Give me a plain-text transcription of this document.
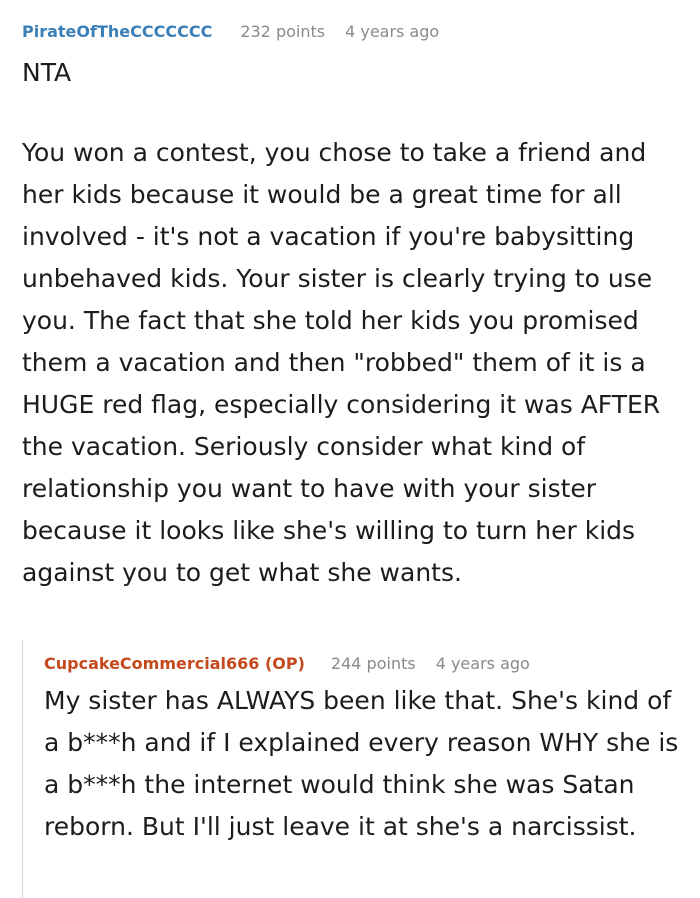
PirateOfTheCCCCCCC 232 points 4 years ago

NTA

You won a contest, you chose to take a friend and her kids because it would be a great time for all involved - it's not a vacation if you're babysitting unbehaved kids. Your sister is clearly trying to use you. The fact that she told her kids you promised them a vacation and then "robbed" them of it is a HUGE red flag, especially considering it was AFTER the vacation. Seriously consider what kind of relationship you want to have with your sister because it looks like she's willing to turn her kids against you to get what she wants.

CupcakeCommercial666 (OP) 244 points 4 years ago

My sister has ALWAYS been like that. She's kind of a b***h and if I explained every reason WHY she is a b***h the internet would think she was Satan reborn. But I'll just leave it at she's a narcissist.
